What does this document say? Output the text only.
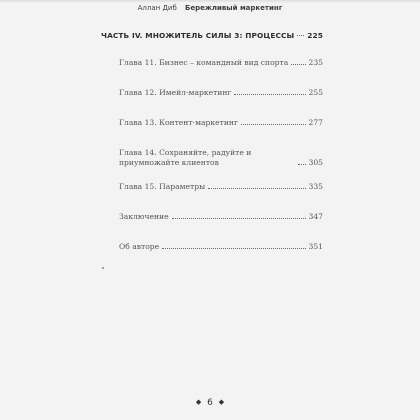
Аллан Диб Бережливый маркетинг
ЧАСТЬ IV. МНОЖИТЕЛЬ СИЛЫ 3: ПРОЦЕССЫ 225
Глава 11. Бизнес – командный вид спорта	235
Глава 12. Имейл-маркетинг	255
Глава 13. Контент-маркетинг	277
Глава 14. Сохраняйте, радуйте и приумножайте клиентов	305
Глава 15. Параметры	335
Заключение	347
Об авторе	351
◆ 6 ◆
